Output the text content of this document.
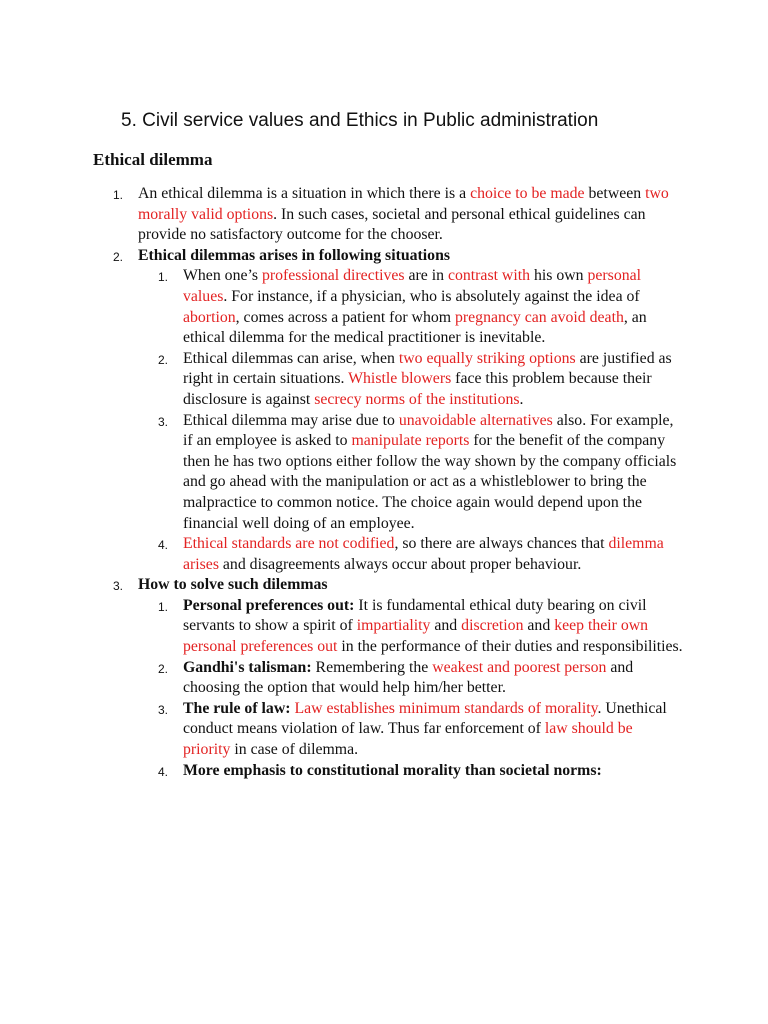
5. Civil service values and Ethics in Public administration
Ethical dilemma
1. An ethical dilemma is a situation in which there is a choice to be made between two morally valid options. In such cases, societal and personal ethical guidelines can provide no satisfactory outcome for the chooser.
2. Ethical dilemmas arises in following situations
1. When one’s professional directives are in contrast with his own personal values. For instance, if a physician, who is absolutely against the idea of abortion, comes across a patient for whom pregnancy can avoid death, an ethical dilemma for the medical practitioner is inevitable.
2. Ethical dilemmas can arise, when two equally striking options are justified as right in certain situations. Whistle blowers face this problem because their disclosure is against secrecy norms of the institutions.
3. Ethical dilemma may arise due to unavoidable alternatives also. For example, if an employee is asked to manipulate reports for the benefit of the company then he has two options either follow the way shown by the company officials and go ahead with the manipulation or act as a whistleblower to bring the malpractice to common notice. The choice again would depend upon the financial well doing of an employee.
4. Ethical standards are not codified, so there are always chances that dilemma arises and disagreements always occur about proper behaviour.
3. How to solve such dilemmas
1. Personal preferences out: It is fundamental ethical duty bearing on civil servants to show a spirit of impartiality and discretion and keep their own personal preferences out in the performance of their duties and responsibilities.
2. Gandhi's talisman: Remembering the weakest and poorest person and choosing the option that would help him/her better.
3. The rule of law: Law establishes minimum standards of morality. Unethical conduct means violation of law. Thus far enforcement of law should be priority in case of dilemma.
4. More emphasis to constitutional morality than societal norms:
